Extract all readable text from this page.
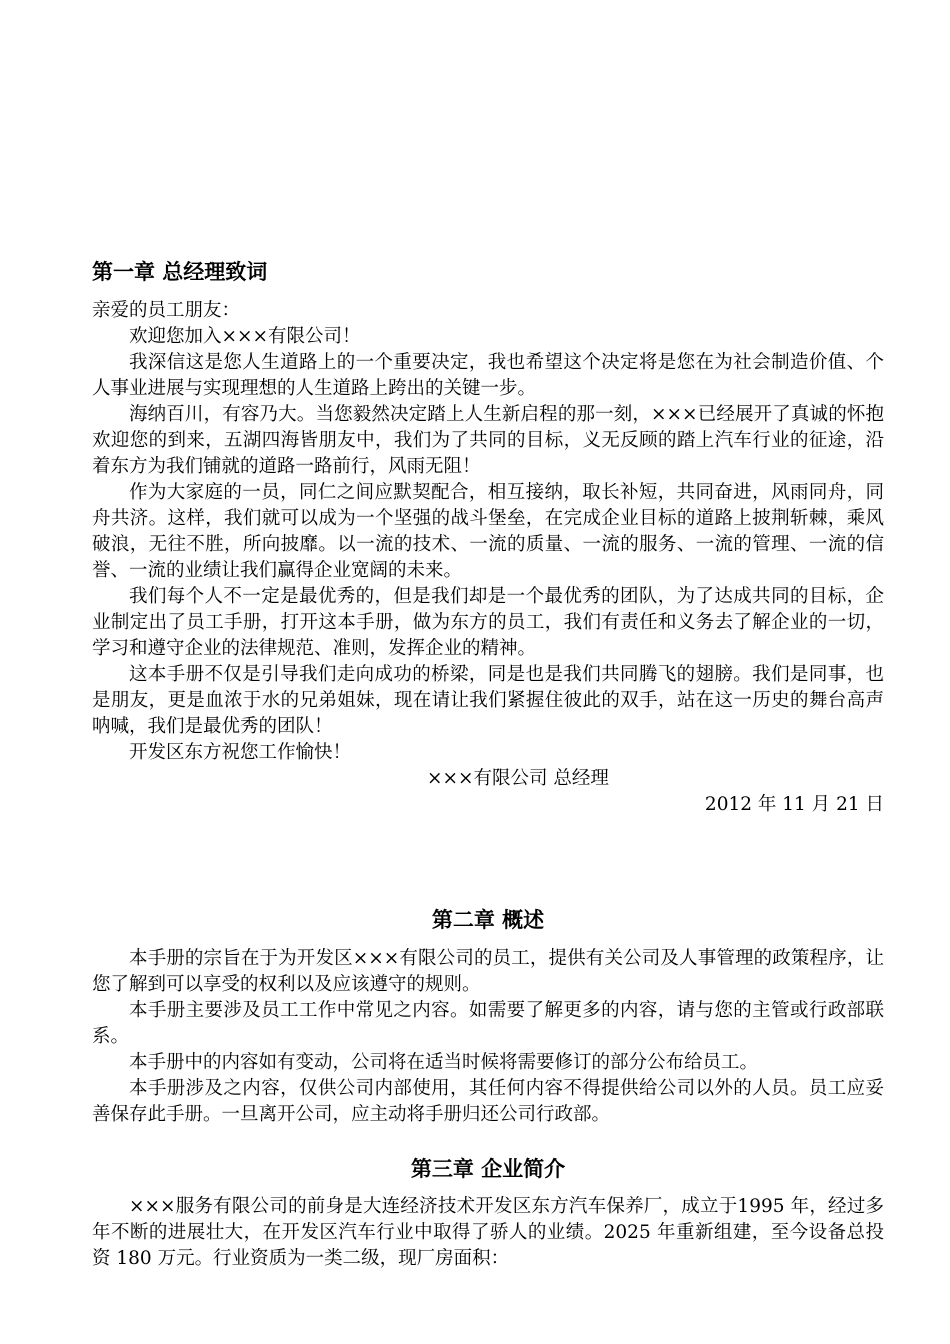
第一章 总经理致词

亲爱的员工朋友：

欢迎您加入×××有限公司！

我深信这是您人生道路上的一个重要决定，我也希望这个决定将是您在为社会制造价值、个人事业进展与实现理想的人生道路上跨出的关键一步。

海纳百川，有容乃大。当您毅然决定踏上人生新启程的那一刻，×××已经展开了真诚的怀抱欢迎您的到来，五湖四海皆朋友中，我们为了共同的目标，义无反顾的踏上汽车行业的征途，沿着东方为我们铺就的道路一路前行，风雨无阻！

作为大家庭的一员，同仁之间应默契配合，相互接纳，取长补短，共同奋进，风雨同舟，同舟共济。这样，我们就可以成为一个坚强的战斗堡垒，在完成企业目标的道路上披荆斩棘，乘风破浪，无往不胜，所向披靡。以一流的技术、一流的质量、一流的服务、一流的管理、一流的信誉、一流的业绩让我们赢得企业宽阔的未来。

我们每个人不一定是最优秀的，但是我们却是一个最优秀的团队，为了达成共同的目标，企业制定出了员工手册，打开这本手册，做为东方的员工，我们有责任和义务去了解企业的一切，学习和遵守企业的法律规范、准则，发挥企业的精神。

这本手册不仅是引导我们走向成功的桥梁，同是也是我们共同腾飞的翅膀。我们是同事，也是朋友，更是血浓于水的兄弟姐妹，现在请让我们紧握住彼此的双手，站在这一历史的舞台高声呐喊，我们是最优秀的团队！

开发区东方祝您工作愉快！

×××有限公司 总经理

2012 年 11 月 21 日

第二章 概述

本手册的宗旨在于为开发区×××有限公司的员工，提供有关公司及人事管理的政策程序，让您了解到可以享受的权利以及应该遵守的规则。

本手册主要涉及员工工作中常见之内容。如需要了解更多的内容，请与您的主管或行政部联系。

本手册中的内容如有变动，公司将在适当时候将需要修订的部分公布给员工。

本手册涉及之内容，仅供公司内部使用，其任何内容不得提供给公司以外的人员。员工应妥善保存此手册。一旦离开公司，应主动将手册归还公司行政部。

第三章 企业简介

×××服务有限公司的前身是大连经济技术开发区东方汽车保养厂，成立于1995 年，经过多年不断的进展壮大，在开发区汽车行业中取得了骄人的业绩。2025 年重新组建，至今设备总投资 180 万元。行业资质为一类二级，现厂房面积：
